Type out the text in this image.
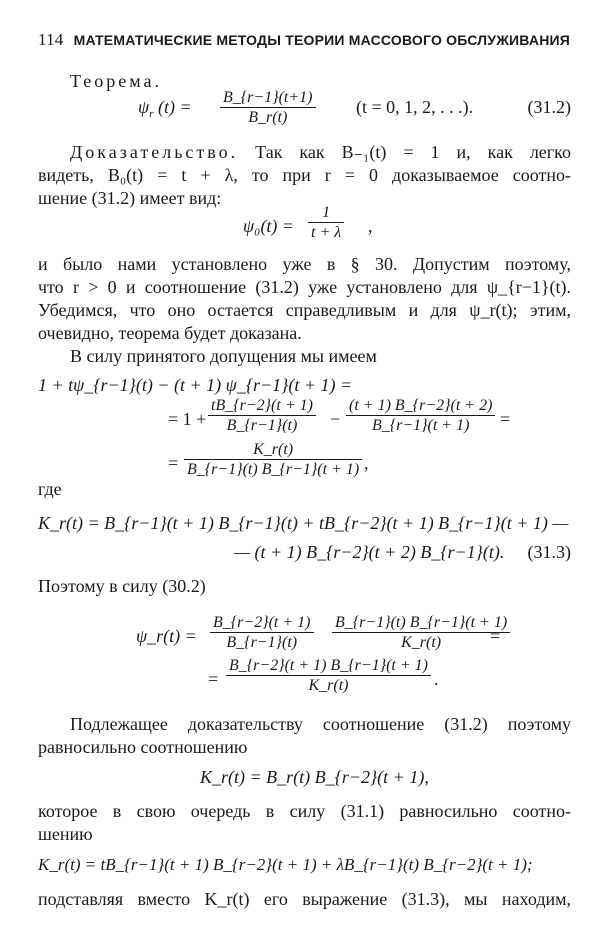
114 МАТЕМАТИЧЕСКИЕ МЕТОДЫ ТЕОРИИ МАССОВОГО ОБСЛУЖИВАНИЯ
Теорема.
$\psi_r$ $(t) = \frac{B\_\{r-1\}(t+1)}{B\_r(t)} (t = 0$, 1, 2, . . .).	(31.2)
Доказательство. Так как B₋₁(t) = 1 и, как легко
видеть, B₀(t) = t + λ, то при r = 0 доказываемое соотно-
шение (31.2) имеет вид:
$\psi_0(t) = \frac{1}{t + \lambda}$ ,
и было нами установлено уже в § 30. Допустим поэтому,
что r > 0 и соотношение (31.2) уже установлено для ψ_{r−1}(t).
Убедимся, что оно остается справедливым и для ψ_r(t); этим,
очевидно, теорема будет доказана.
В силу принятого допущения мы имеем
1 + tψ_{r−1}(t) − (t + 1) ψ_{r−1}(t + 1) =
= $1 + \frac{tB\_\{r-2\}(t + 1)}{B\_\{r-1\}(t)} - \frac{(t + 1) B\_\{r-2\}(t + 2)}{B\_\{r-1\}(t + 1)}$ =
= $\frac{K\_r(t)}{B\_\{r-1\}(t) B\_\{r-1\}(t + 1)}$ ,
где
K_r(t) = B_{r−1}(t + 1) B_{r−1}(t) + tB_{r−2}(t + 1) B_{r−1}(t + 1) —
— (t + 1) B_{r−2}(t + 2) B_{r−1}(t). (31.3)
Поэтому в силу (30.2)
ψ_r(t) = $\frac{B\_\{r-2\}(t + 1)}{B\_\{r-1\}(t)} \frac{B\_\{r-1\}(t) B\_\{r-1\}(t + 1)}{K\_r(t)}$
=
= $\frac{B\_\{r-2\}(t + 1) B\_\{r-1\}(t + 1)}{K\_r(t)}$ .
Подлежащее доказательству соотношение (31.2) поэтому
равносильно соотношению
K_r(t) = B_r(t) B_{r−2}(t + 1),
которое в свою очередь в силу (31.1) равносильно соотно-
шению
K_r(t) = tB_{r−1}(t + 1) B_{r−2}(t + 1) + λB_{r−1}(t) B_{r−2}(t + 1);
подставляя вместо K_r(t) его выражение (31.3), мы находим,
